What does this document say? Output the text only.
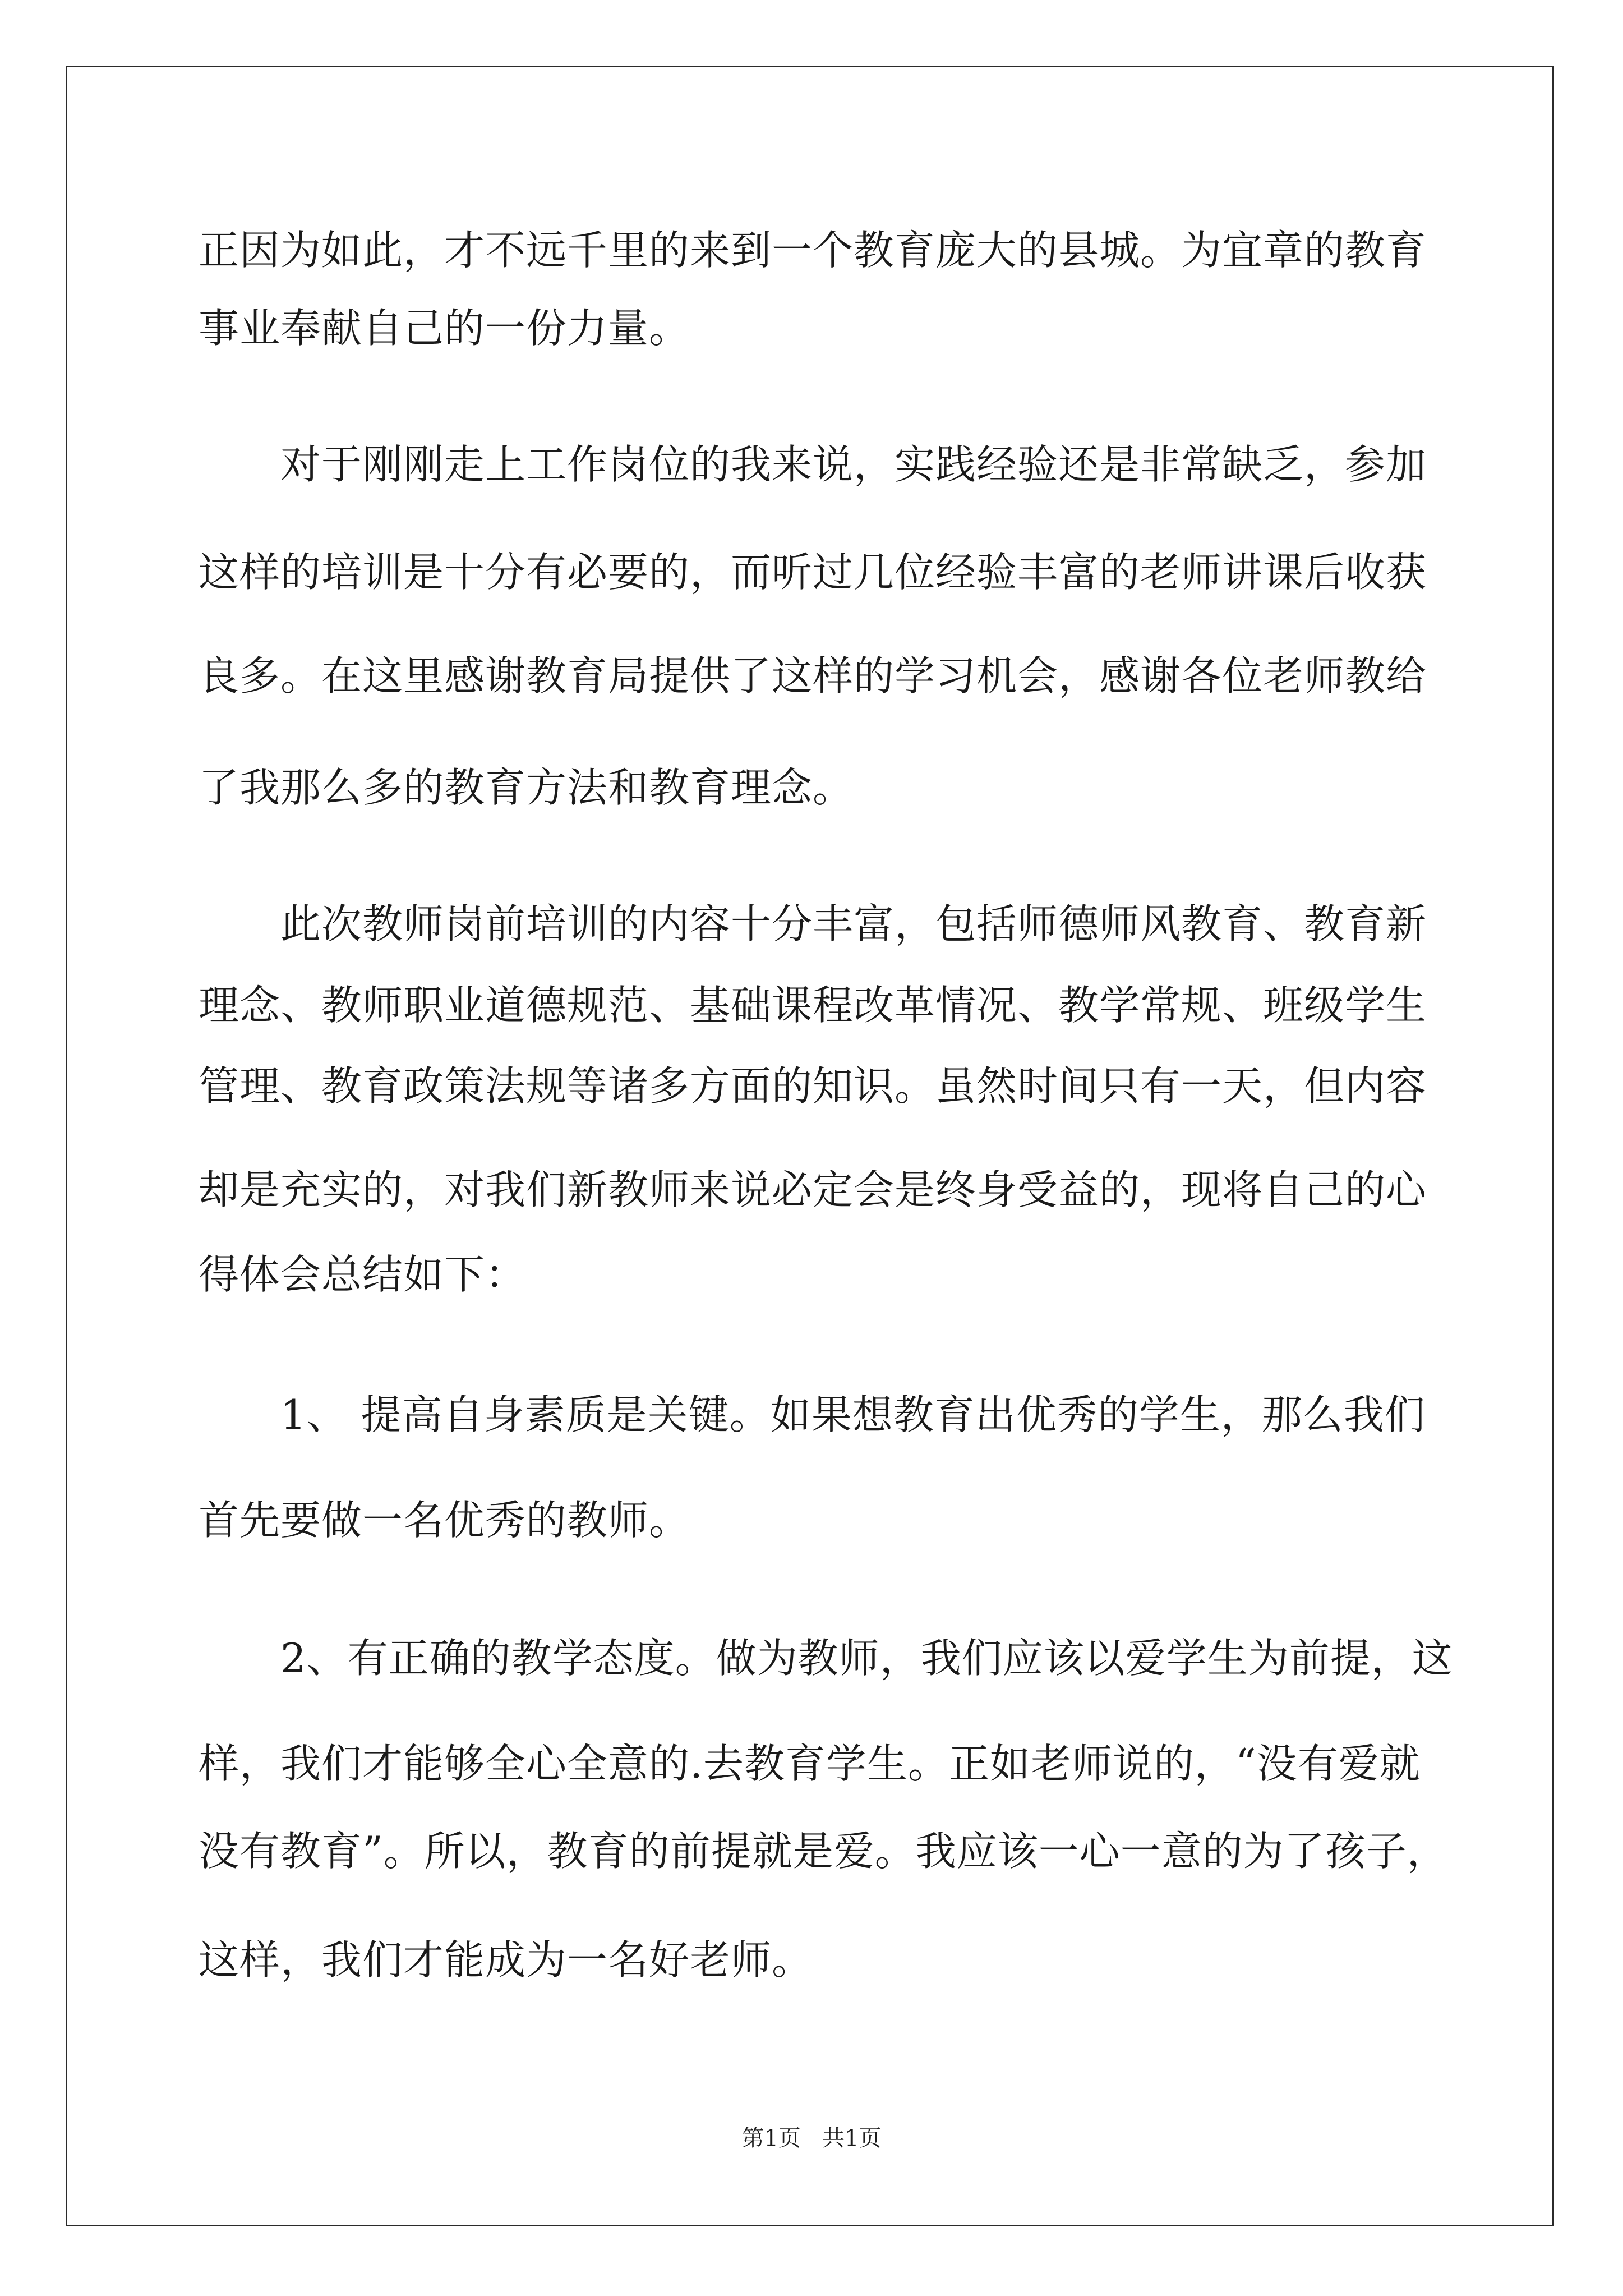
正因为如此，才不远千里的来到一个教育庞大的县城。为宜章的教育
事业奉献自己的一份力量。
对于刚刚走上工作岗位的我来说，实践经验还是非常缺乏，参加
这样的培训是十分有必要的，而听过几位经验丰富的老师讲课后收获
良多。在这里感谢教育局提供了这样的学习机会，感谢各位老师教给
了我那么多的教育方法和教育理念。
此次教师岗前培训的内容十分丰富，包括师德师风教育、教育新
理念、教师职业道德规范、基础课程改革情况、教学常规、班级学生
管理、教育政策法规等诸多方面的知识。虽然时间只有一天，但内容
却是充实的，对我们新教师来说必定会是终身受益的，现将自己的心
得体会总结如下：
1、 提高自身素质是关键。如果想教育出优秀的学生，那么我们
首先要做一名优秀的教师。
2、有正确的教学态度。做为教师，我们应该以爱学生为前提，这
样，我们才能够全心全意的.去教育学生。正如老师说的，“没有爱就
没有教育”。所以，教育的前提就是爱。我应该一心一意的为了孩子，
这样，我们才能成为一名好老师。
第1页   共1页
